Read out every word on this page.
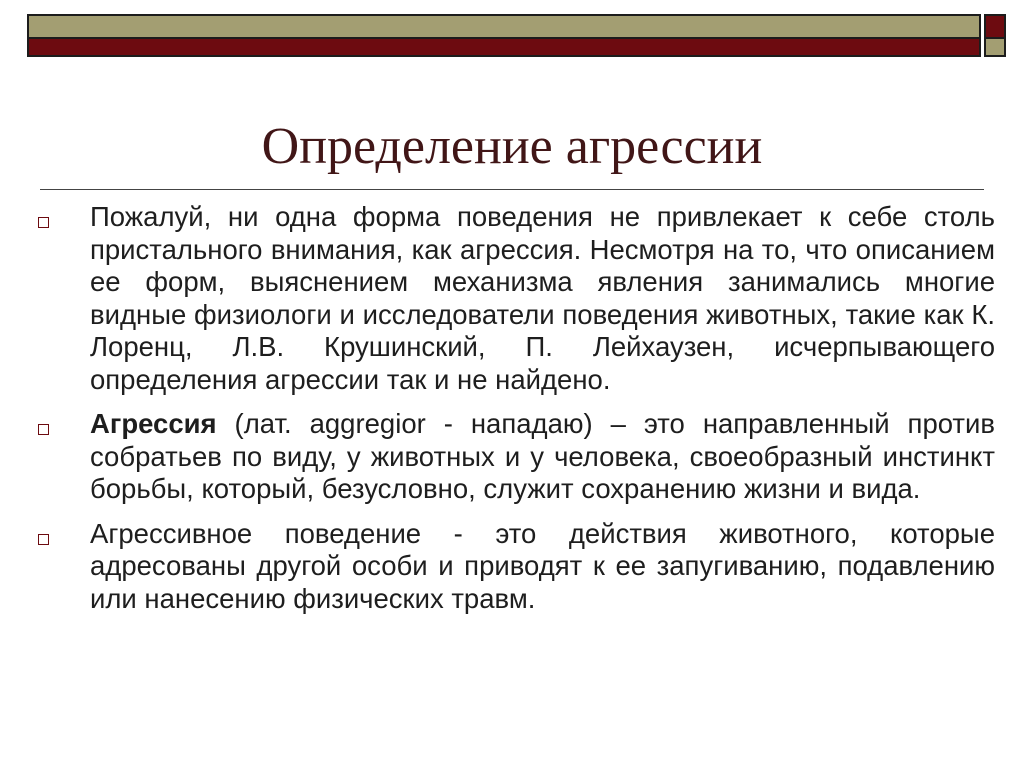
Определение агрессии

Пожалуй, ни одна форма поведения не привлекает к себе столь пристального внимания, как агрессия. Несмотря на то, что описанием ее форм, выяснением механизма явления занимались многие видные физиологи и исследователи поведения животных, такие как К. Лоренц, Л.В. Крушинский, П. Лейхаузен, исчерпывающего определения агрессии так и не найдено.

Агрессия (лат. aggregior - нападаю) – это направленный против собратьев по виду, у животных и у человека, своеобразный инстинкт борьбы, который, безусловно, служит сохранению жизни и вида.

Агрессивное поведение - это действия животного, которые адресованы другой особи и приводят к ее запугиванию, подавлению или нанесению физических травм.
